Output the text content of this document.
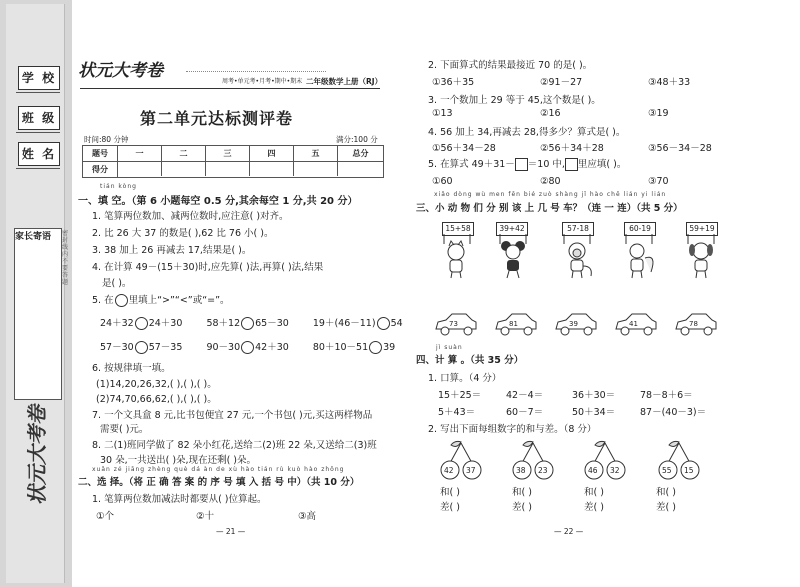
学 校
班 级
姓 名
家长寄语 密封线内不要答题
状元大考卷
状元大考卷
周考•单元考•月考•期中•期末 二年级数学上册（RJ）
第二单元达标测评卷
时间:80 分钟	满分:100 分
题号	一	二	三	四	五	总分
得分
tián kòng
一、填 空。（第 6 小题每空 0.5 分,其余每空 1 分,共 20 分）
1. 笔算两位数加、减两位数时,应注意( )对齐。
2. 比 26 大 37 的数是( ),62 比 76 小( )。
3. 38 加上 26 再减去 17,结果是( )。
4. 在计算 49－(15＋30)时,应先算( )法,再算( )法,结果
是( )。
5. 在 里填上“>”“<”或“=”。
24＋32 24＋30	58＋12 65－30	19＋(46－11) 54
57－30 57－35	90－30 42＋30	80＋10－51 39
6. 按规律填一填。
(1)14,20,26,32,( ),( ),( )。
(2)74,70,66,62,( ),( ),( )。
7. 一个文具盒 8 元,比书包便宜 27 元,一个书包( )元,买这两样物品
需要( )元。
8. 二(1)班同学做了 82 朵小红花,送给二(2)班 22 朵,又送给二(3)班
30 朵,一共送出( )朵,现在还剩( )朵。
xuǎn zé jiāng zhèng què dá àn de xù hào tián rù kuò hào zhōng
二、选 择。（将 正 确 答 案 的 序 号 填 入 括 号 中）（共 10 分）
1. 笔算两位数加减法时都要从( )位算起。
①个	②十	③高
— 21 —
2. 下面算式的结果最接近 70 的是( )。
①36＋35	②91－27	③48＋33
3. 一个数加上 29 等于 45,这个数是( )。
①13	②16	③19
4. 56 加上 34,再减去 28,得多少？算式是( )。
①56＋34－28	②56＋34＋28	③56－34－28
5. 在算式 49＋31－ ＝10 中, 里应填( )。
①60	②80	③70
xiǎo dòng wù men fēn bié zuò shàng jǐ hào chē lián yi lián
三、小 动 物 们 分 别 该 上 几 号 车？（连 一 连）（共 5 分）
15+58	39+42	57-18	60-19	59+19
73	81	39	41	78
jì suàn
四、计 算 。（共 35 分）
1. 口算。（4 分）
15＋25＝	42－4＝	36＋30＝	78－8＋6＝
5＋43＝	60－7＝	50＋34＝	87－(40－3)＝
2. 写出下面每组数字的和与差。（8 分）
42 37	38 23	46 32	55 15
和( )
差( )
和( )
差( )
和( )
差( )
和( )
差( )
— 22 —
